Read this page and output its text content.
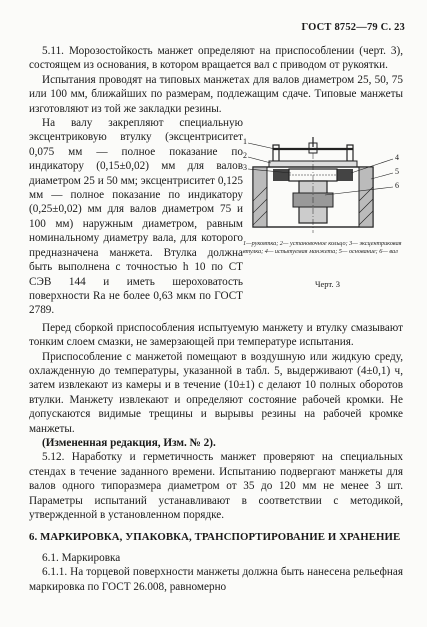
ГОСТ 8752—79 С. 23
1
2
3
4
5
6
1—рукоятка; 2— установочное кольцо; 3— эксцентриковая втулка; 4— испытуемая манжета; 5— основание; 6— вал
Черт. 3

5.11. Морозостойкость манжет определяют на приспособлении (черт. 3), состоящем из основания, в котором вращается вал с приводом от рукоятки.

Испытания проводят на типовых манжетах для валов диаметром 25, 50, 75 или 100 мм, ближайших по размерам, подлежащим сдаче. Типовые манжеты изготовляют из той же закладки резины.

На валу закрепляют специальную эксцентриковую втулку (эксцентриситет 0,075 мм — полное показание по индикатору (0,15±0,02) мм для валов диаметром 25 и 50 мм; эксцентриситет 0,125 мм — полное показание по индикатору (0,25±0,02) мм для валов диаметром 75 и 100 мм) наружным диаметром, равным номинальному диаметру вала, для которого предназначена манжета. Втулка должна быть выполнена с точностью h 10 по СТ СЭВ 144 и иметь шероховатость поверхности Ra не более 0,63 мкм по ГОСТ 2789.

Перед сборкой приспособления испытуемую манжету и втулку смазывают тонким слоем смазки, не замерзающей при температуре испытания.

Приспособление с манжетой помещают в воздушную или жидкую среду, охлажденную до температуры, указанной в табл. 5, выдерживают (4±0,1) ч, затем извлекают из камеры и в течение (10±1) с делают 10 полных оборотов втулки. Манжету извлекают и определяют состояние рабочей кромки. Не допускаются видимые трещины и вырывы резины на рабочей кромке манжеты.

(Измененная редакция, Изм. № 2).

5.12. Наработку и герметичность манжет проверяют на специальных стендах в течение заданного времени. Испытанию подвергают манжеты для валов одного типоразмера диаметром от 35 до 120 мм не менее 3 шт. Параметры испытаний устанавливают в соответствии с методикой, утвержденной в установленном порядке.

6. МАРКИРОВКА, УПАКОВКА, ТРАНСПОРТИРОВАНИЕ И ХРАНЕНИЕ

6.1. Маркировка

6.1.1. На торцевой поверхности манжеты должна быть нанесена рельефная маркировка по ГОСТ 26.008, равномерно
